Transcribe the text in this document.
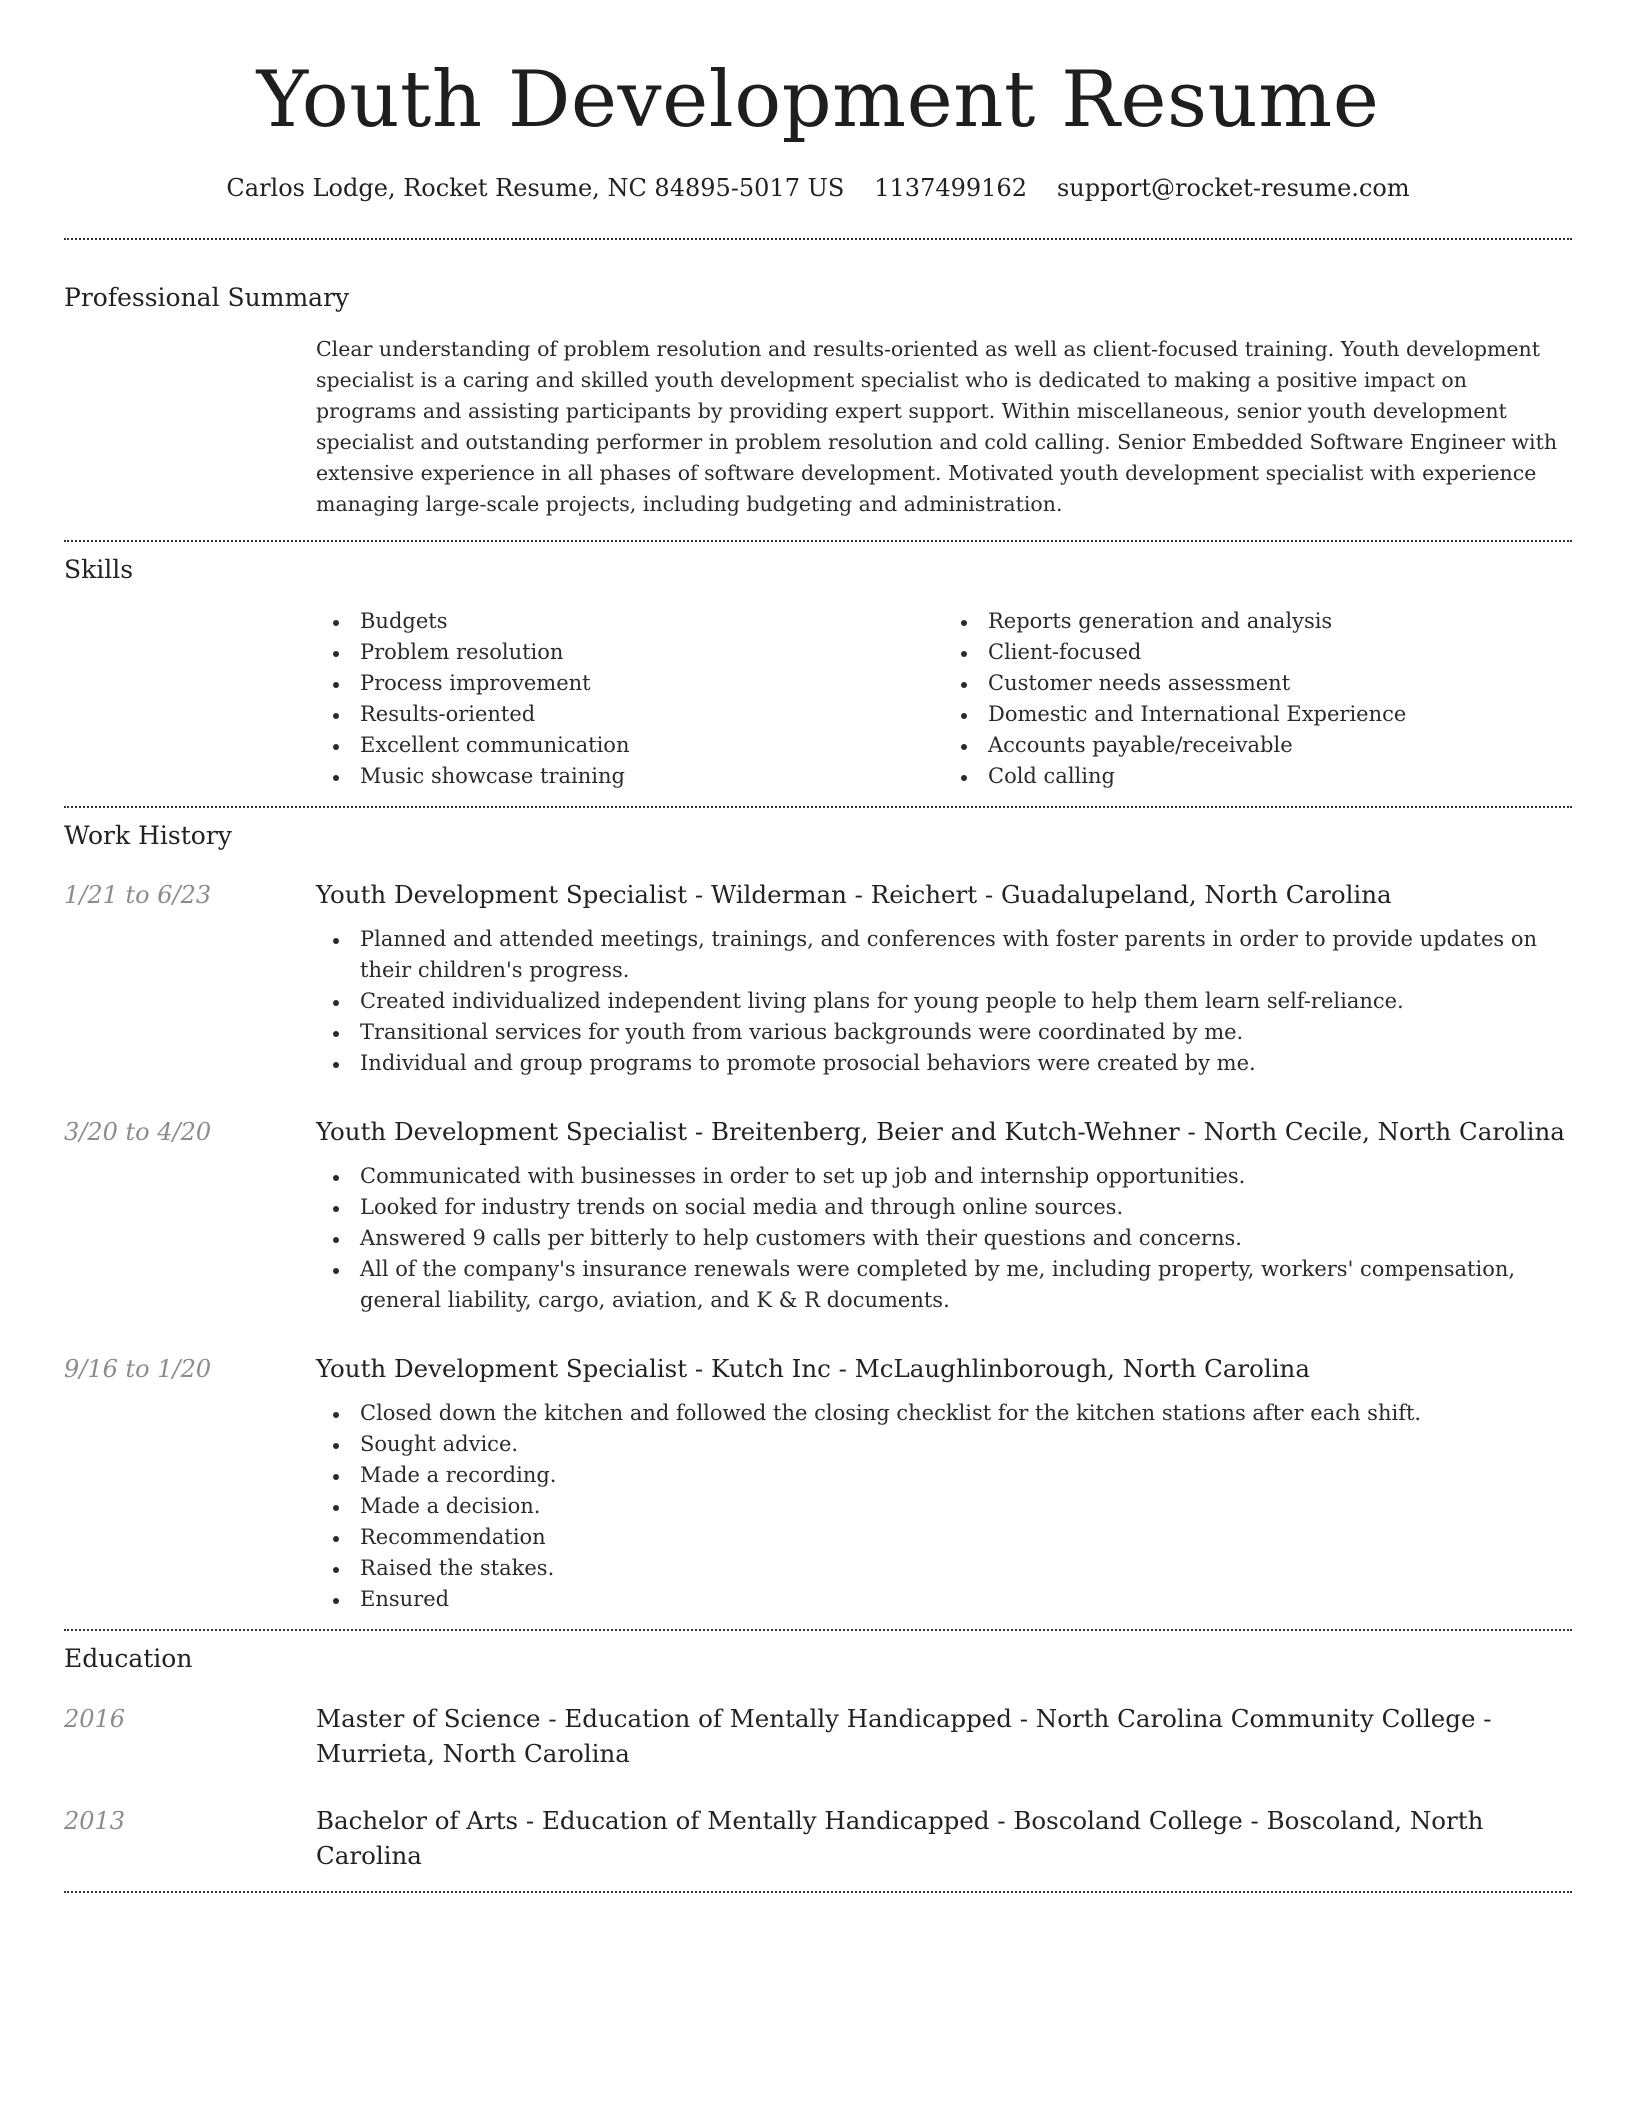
Youth Development Resume
Carlos Lodge, Rocket Resume, NC 84895-5017 US 1137499162 support@rocket-resume.com
Professional Summary

Clear understanding of problem resolution and results-oriented as well as client-focused training. Youth development specialist is a caring and skilled youth development specialist who is dedicated to making a positive impact on programs and assisting participants by providing expert support. Within miscellaneous, senior youth development specialist and outstanding performer in problem resolution and cold calling. Senior Embedded Software Engineer with extensive experience in all phases of software development. Motivated youth development specialist with experience managing large-scale projects, including budgeting and administration.

Skills
Budgets
Problem resolution
Process improvement
Results-oriented
Excellent communication
Music showcase training
Reports generation and analysis
Client-focused
Customer needs assessment
Domestic and International Experience
Accounts payable/receivable
Cold calling
Work History
1/21 to 6/23	Youth Development Specialist - Wilderman - Reichert - Guadalupeland, North Carolina
Planned and attended meetings, trainings, and conferences with foster parents in order to provide updates on their children's progress.
Created individualized independent living plans for young people to help them learn self-reliance.
Transitional services for youth from various backgrounds were coordinated by me.
Individual and group programs to promote prosocial behaviors were created by me.
3/20 to 4/20	Youth Development Specialist - Breitenberg, Beier and Kutch-Wehner - North Cecile, North Carolina
Communicated with businesses in order to set up job and internship opportunities.
Looked for industry trends on social media and through online sources.
Answered 9 calls per bitterly to help customers with their questions and concerns.
All of the company's insurance renewals were completed by me, including property, workers' compensation, general liability, cargo, aviation, and K & R documents.
9/16 to 1/20	Youth Development Specialist - Kutch Inc - McLaughlinborough, North Carolina
Closed down the kitchen and followed the closing checklist for the kitchen stations after each shift.
Sought advice.
Made a recording.
Made a decision.
Recommendation
Raised the stakes.
Ensured
Education
2016	Master of Science - Education of Mentally Handicapped - North Carolina Community College - Murrieta, North Carolina
2013	Bachelor of Arts - Education of Mentally Handicapped - Boscoland College - Boscoland, North Carolina
